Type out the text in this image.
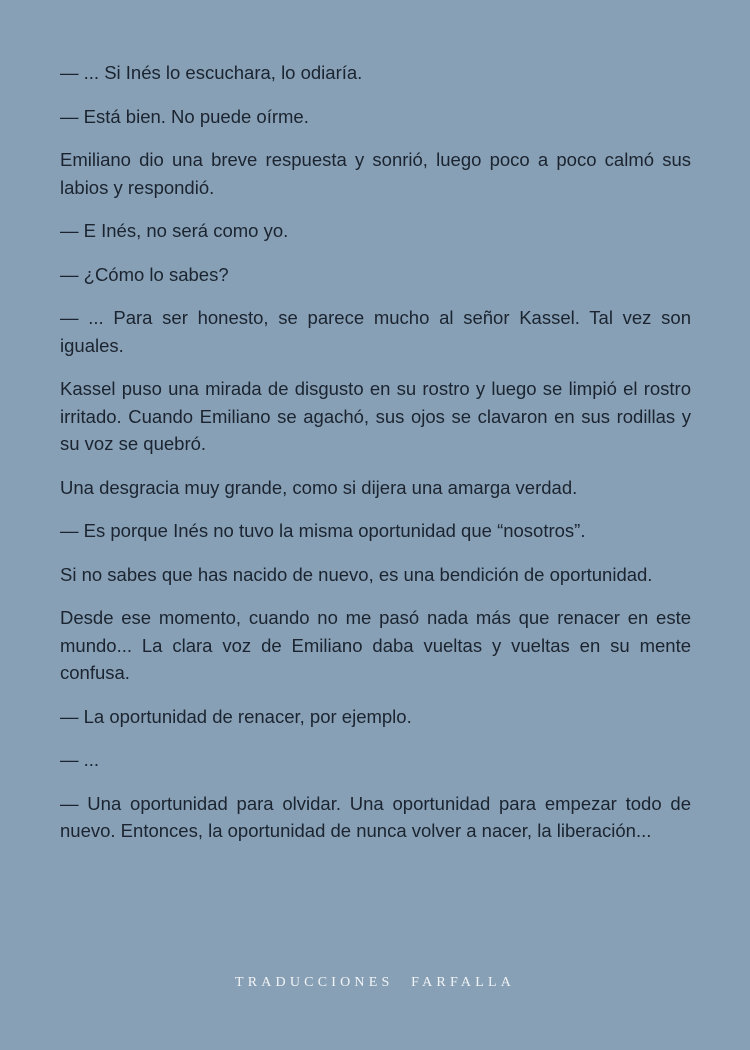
— ... Si Inés lo escuchara, lo odiaría.

— Está bien. No puede oírme.

Emiliano dio una breve respuesta y sonrió, luego poco a poco calmó sus labios y respondió.

— E Inés, no será como yo.

— ¿Cómo lo sabes?

— ... Para ser honesto, se parece mucho al señor Kassel. Tal vez son iguales.

Kassel puso una mirada de disgusto en su rostro y luego se limpió el rostro irritado. Cuando Emiliano se agachó, sus ojos se clavaron en sus rodillas y su voz se quebró.

Una desgracia muy grande, como si dijera una amarga verdad.

— Es porque Inés no tuvo la misma oportunidad que “nosotros”.

Si no sabes que has nacido de nuevo, es una bendición de oportunidad.

Desde ese momento, cuando no me pasó nada más que renacer en este mundo... La clara voz de Emiliano daba vueltas y vueltas en su mente confusa.

— La oportunidad de renacer, por ejemplo.

— ...

— Una oportunidad para olvidar. Una oportunidad para empezar todo de nuevo. Entonces, la oportunidad de nunca volver a nacer, la liberación...

TRADUCCIONES FARFALLA
